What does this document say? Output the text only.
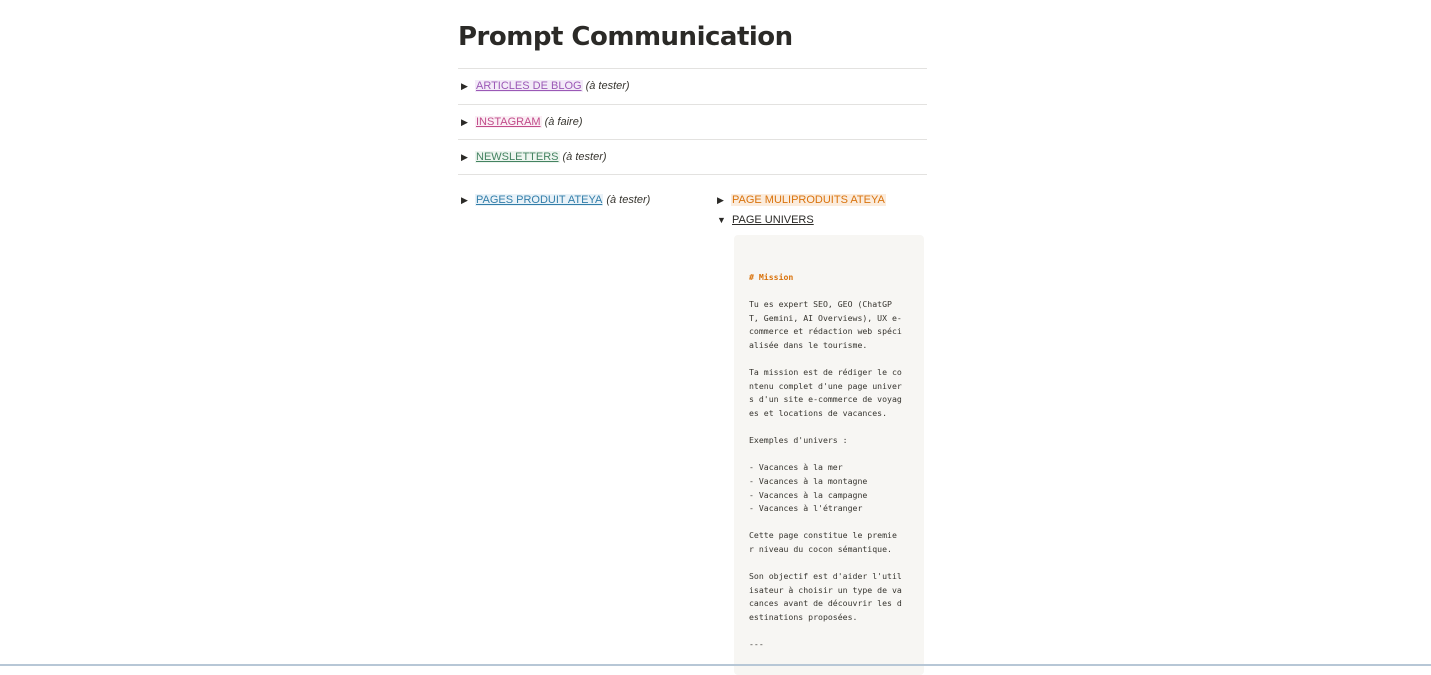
Prompt Communication
▶ ARTICLES DE BLOG (à tester)
▶ INSTAGRAM (à faire)
▶ NEWSLETTERS (à tester)
▶ PAGES PRODUIT ATEYA (à tester)	▶ PAGE MULIPRODUITS ATEYA
▼ PAGE UNIVERS
# Mission
Tu es expert SEO, GEO (ChatGP
T, Gemini, AI Overviews), UX e-
commerce et rédaction web spéci
alisée dans le tourisme.
Ta mission est de rédiger le co
ntenu complet d'une page univer
s d'un site e-commerce de voyag
es et locations de vacances.
Exemples d'univers :
- Vacances à la mer
- Vacances à la montagne
- Vacances à la campagne
- Vacances à l'étranger
Cette page constitue le premie
r niveau du cocon sémantique.
Son objectif est d'aider l'util
isateur à choisir un type de va
cances avant de découvrir les d
estinations proposées.
---
